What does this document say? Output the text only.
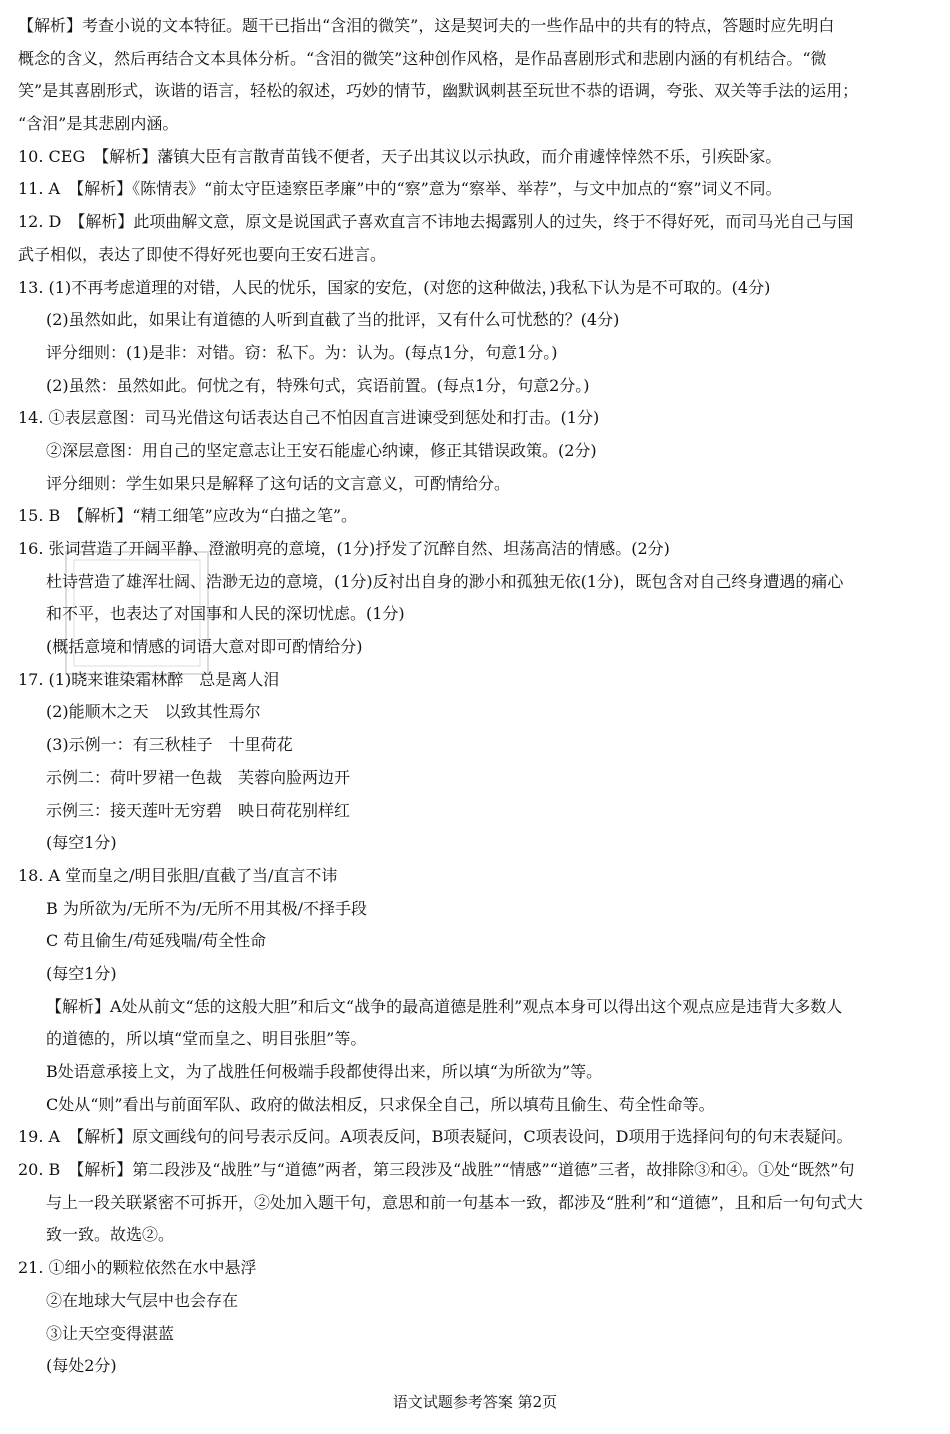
【解析】考查小说的文本特征。题干已指出“含泪的微笑”，这是契诃夫的一些作品中的共有的特点，答题时应先明白
概念的含义，然后再结合文本具体分析。“含泪的微笑”这种创作风格，是作品喜剧形式和悲剧内涵的有机结合。“微
笑”是其喜剧形式，诙谐的语言，轻松的叙述，巧妙的情节，幽默讽刺甚至玩世不恭的语调，夸张、双关等手法的运用；
“含泪”是其悲剧内涵。
10. CEG　【解析】藩镇大臣有言散青苗钱不便者，天子出其议以示执政，而介甫遽悻悻然不乐，引疾卧家。
11. A　【解析】《陈情表》“前太守臣逵察臣孝廉”中的“察”意为“察举、举荐”，与文中加点的“察”词义不同。
12. D　【解析】此项曲解文意，原文是说国武子喜欢直言不讳地去揭露别人的过失，终于不得好死，而司马光自己与国
武子相似，表达了即使不得好死也要向王安石进言。
13. (1)不再考虑道理的对错，人民的忧乐，国家的安危，(对您的这种做法，)我私下认为是不可取的。(4分)
(2)虽然如此，如果让有道德的人听到直截了当的批评，又有什么可忧愁的？(4分)
评分细则：(1)是非：对错。窃：私下。为：认为。(每点1分，句意1分。)
(2)虽然：虽然如此。何忧之有，特殊句式，宾语前置。(每点1分，句意2分。)
14. ①表层意图：司马光借这句话表达自己不怕因直言进谏受到惩处和打击。(1分)
②深层意图：用自己的坚定意志让王安石能虚心纳谏，修正其错误政策。(2分)
评分细则：学生如果只是解释了这句话的文言意义，可酌情给分。
15. B　【解析】“精工细笔”应改为“白描之笔”。
16. 张词营造了开阔平静、澄澈明亮的意境，(1分)抒发了沉醉自然、坦荡高洁的情感。(2分)
杜诗营造了雄浑壮阔、浩渺无边的意境，(1分)反衬出自身的渺小和孤独无依(1分)，既包含对自己终身遭遇的痛心
和不平，也表达了对国事和人民的深切忧虑。(1分)
(概括意境和情感的词语大意对即可酌情给分)
17. (1)晓来谁染霜林醉　总是离人泪
(2)能顺木之天　以致其性焉尔
(3)示例一：有三秋桂子　十里荷花
示例二：荷叶罗裙一色裁　芙蓉向脸两边开
示例三：接天莲叶无穷碧　映日荷花别样红
(每空1分)
18. A 堂而皇之/明目张胆/直截了当/直言不讳
B 为所欲为/无所不为/无所不用其极/不择手段
C 苟且偷生/苟延残喘/苟全性命
(每空1分)
【解析】A处从前文“恁的这般大胆”和后文“战争的最高道德是胜利”观点本身可以得出这个观点应是违背大多数人
的道德的，所以填“堂而皇之、明目张胆”等。
B处语意承接上文，为了战胜任何极端手段都使得出来，所以填“为所欲为”等。
C处从“则”看出与前面军队、政府的做法相反，只求保全自己，所以填苟且偷生、苟全性命等。
19. A　【解析】原文画线句的问号表示反问。A项表反问，B项表疑问，C项表设问，D项用于选择问句的句末表疑问。
20. B　【解析】第二段涉及“战胜”与“道德”两者，第三段涉及“战胜”“情感”“道德”三者，故排除③和④。①处“既然”句
与上一段关联紧密不可拆开，②处加入题干句，意思和前一句基本一致，都涉及“胜利”和“道德”，且和后一句句式大
致一致。故选②。
21. ①细小的颗粒依然在水中悬浮
②在地球大气层中也会存在
③让天空变得湛蓝
(每处2分)
语文试题参考答案 第2页
